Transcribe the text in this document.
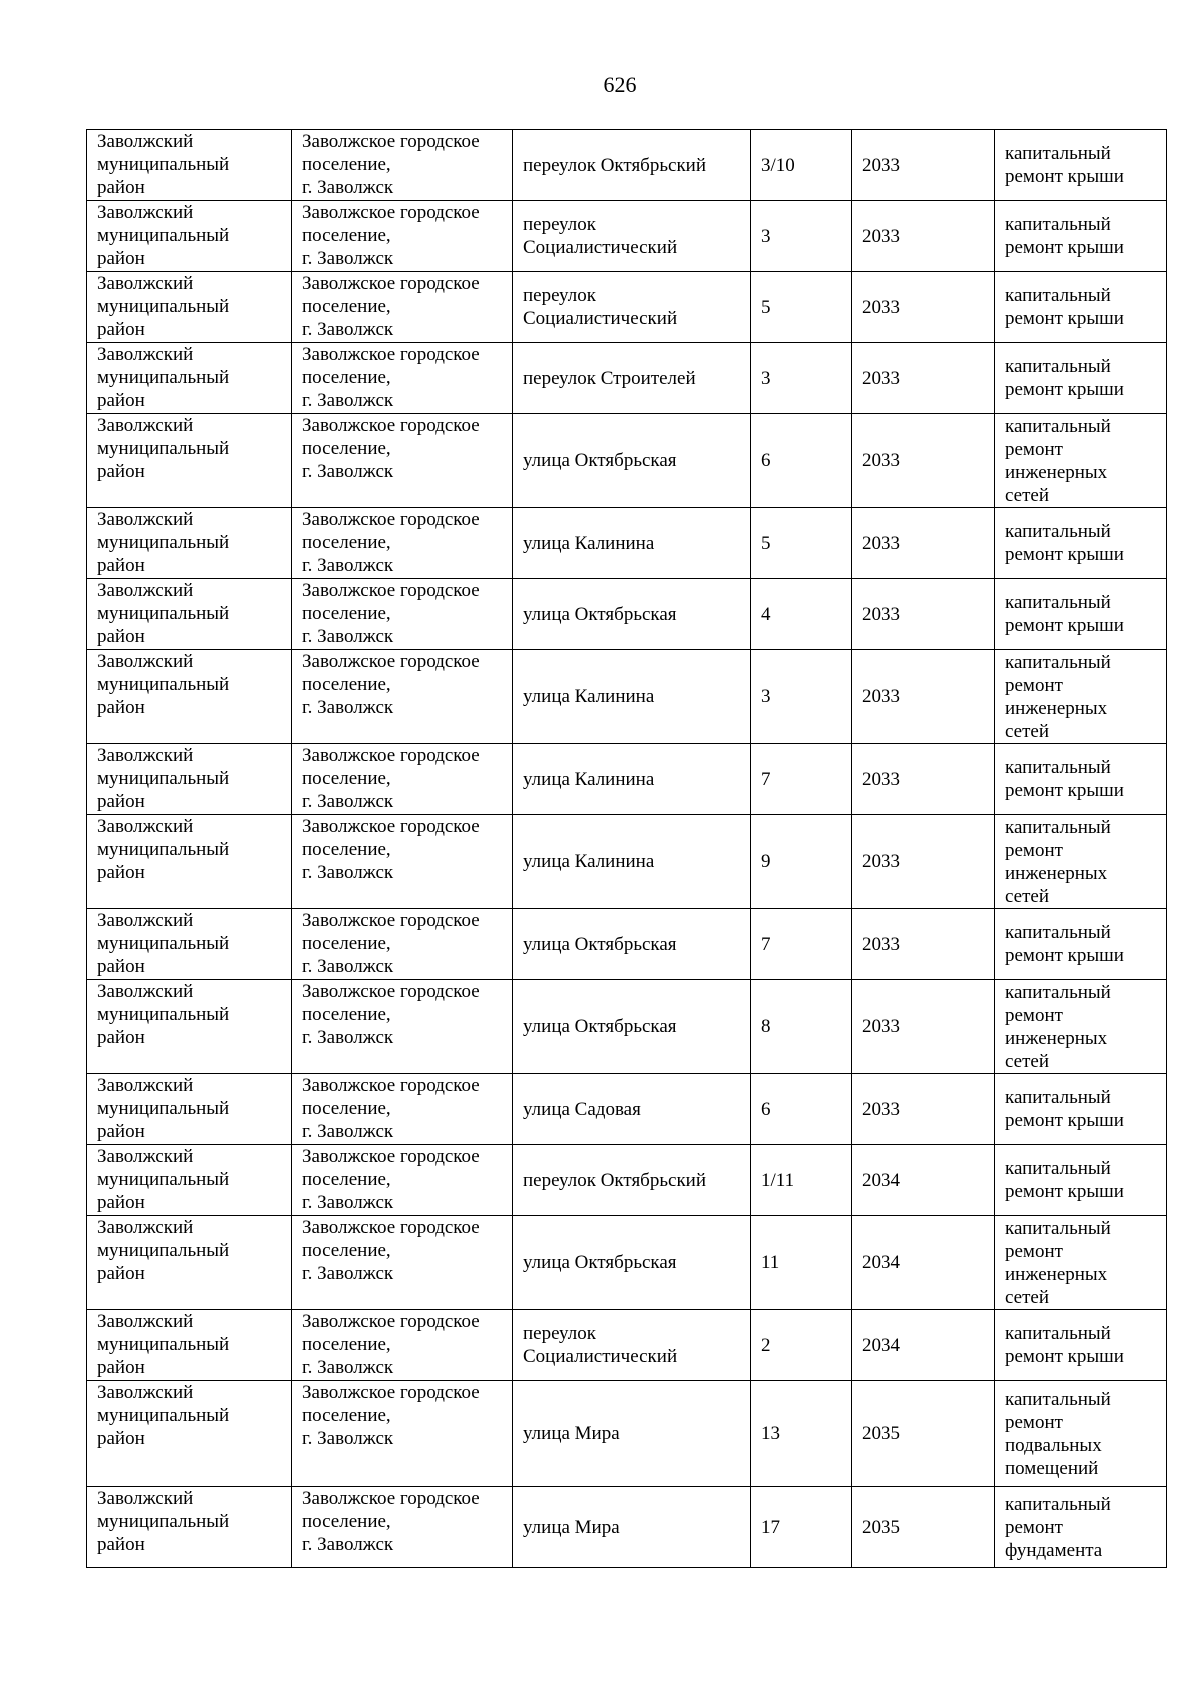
626
Заволжский
муниципальный
район	Заволжское городское
поселение,
г. Заволжск	переулок Октябрьский	3/10	2033	капитальный
ремонт крыши
Заволжский
муниципальный
район	Заволжское городское
поселение,
г. Заволжск	переулок
Социалистический	3	2033	капитальный
ремонт крыши
Заволжский
муниципальный
район	Заволжское городское
поселение,
г. Заволжск	переулок
Социалистический	5	2033	капитальный
ремонт крыши
Заволжский
муниципальный
район	Заволжское городское
поселение,
г. Заволжск	переулок Строителей	3	2033	капитальный
ремонт крыши
Заволжский
муниципальный
район	Заволжское городское
поселение,
г. Заволжск	улица Октябрьская	6	2033	капитальный
ремонт
инженерных
сетей
Заволжский
муниципальный
район	Заволжское городское
поселение,
г. Заволжск	улица Калинина	5	2033	капитальный
ремонт крыши
Заволжский
муниципальный
район	Заволжское городское
поселение,
г. Заволжск	улица Октябрьская	4	2033	капитальный
ремонт крыши
Заволжский
муниципальный
район	Заволжское городское
поселение,
г. Заволжск	улица Калинина	3	2033	капитальный
ремонт
инженерных
сетей
Заволжский
муниципальный
район	Заволжское городское
поселение,
г. Заволжск	улица Калинина	7	2033	капитальный
ремонт крыши
Заволжский
муниципальный
район	Заволжское городское
поселение,
г. Заволжск	улица Калинина	9	2033	капитальный
ремонт
инженерных
сетей
Заволжский
муниципальный
район	Заволжское городское
поселение,
г. Заволжск	улица Октябрьская	7	2033	капитальный
ремонт крыши
Заволжский
муниципальный
район	Заволжское городское
поселение,
г. Заволжск	улица Октябрьская	8	2033	капитальный
ремонт
инженерных
сетей
Заволжский
муниципальный
район	Заволжское городское
поселение,
г. Заволжск	улица Садовая	6	2033	капитальный
ремонт крыши
Заволжский
муниципальный
район	Заволжское городское
поселение,
г. Заволжск	переулок Октябрьский	1/11	2034	капитальный
ремонт крыши
Заволжский
муниципальный
район	Заволжское городское
поселение,
г. Заволжск	улица Октябрьская	11	2034	капитальный
ремонт
инженерных
сетей
Заволжский
муниципальный
район	Заволжское городское
поселение,
г. Заволжск	переулок
Социалистический	2	2034	капитальный
ремонт крыши
Заволжский
муниципальный
район	Заволжское городское
поселение,
г. Заволжск	улица Мира	13	2035	капитальный
ремонт
подвальных
помещений
Заволжский
муниципальный
район	Заволжское городское
поселение,
г. Заволжск	улица Мира	17	2035	капитальный
ремонт
фундамента
